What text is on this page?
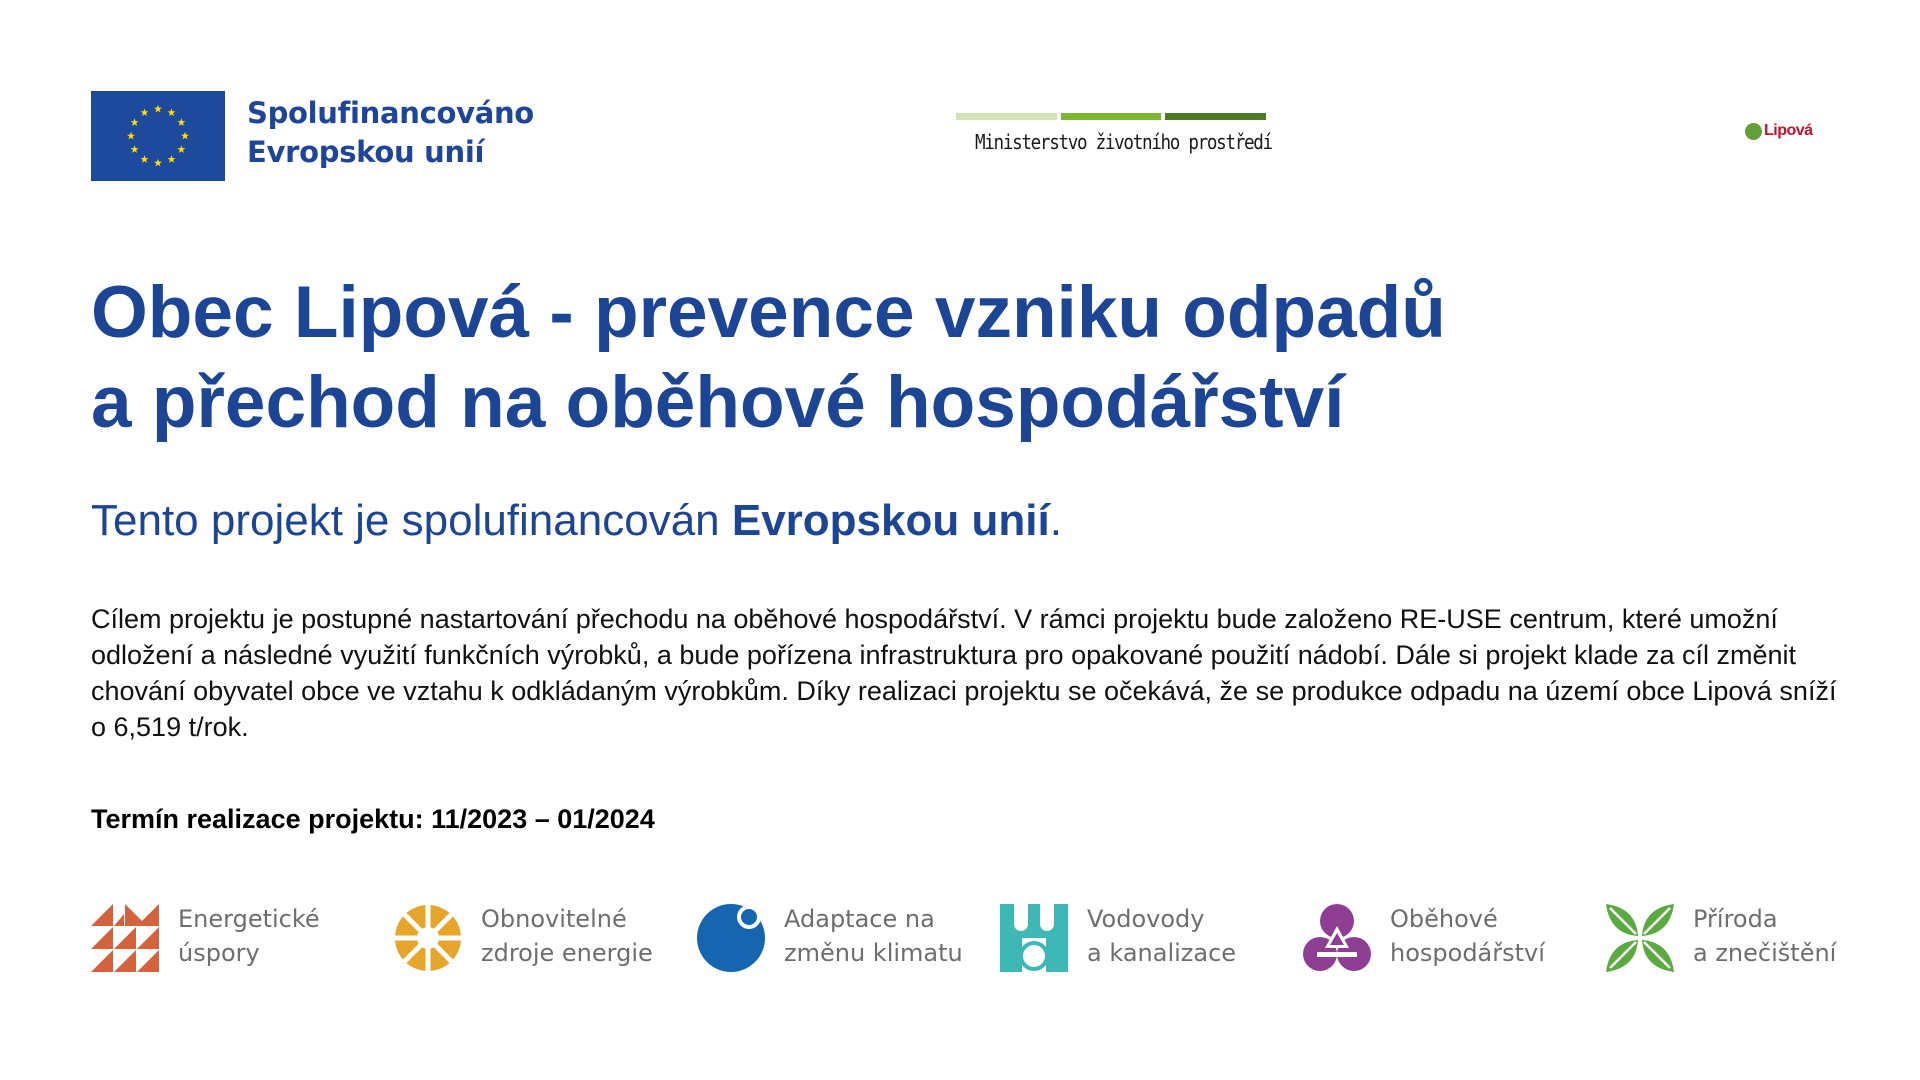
Spolufinancováno
Evropskou unií	Ministerstvo životního prostředí	Lipová
Obec Lipová - prevence vzniku odpadů
a přechod na oběhové hospodářství
Tento projekt je spolufinancován Evropskou unií.
Cílem projektu je postupné nastartování přechodu na oběhové hospodářství. V rámci projektu bude založeno RE-USE centrum, které umožní odložení a následné využití funkčních výrobků, a bude pořízena infrastruktura pro opakované použití nádobí. Dále si projekt klade za cíl změnit chování obyvatel obce ve vztahu k odkládaným výrobkům. Díky realizaci projektu se očekává, že se produkce odpadu na území obce Lipová sníží o 6,519 t/rok.
Termín realizace projektu: 11/2023 – 01/2024
Energetické
úspory
Obnovitelné
zdroje energie
Adaptace na
změnu klimatu
Vodovody
a kanalizace
Oběhové
hospodářství
Příroda
a znečištění
